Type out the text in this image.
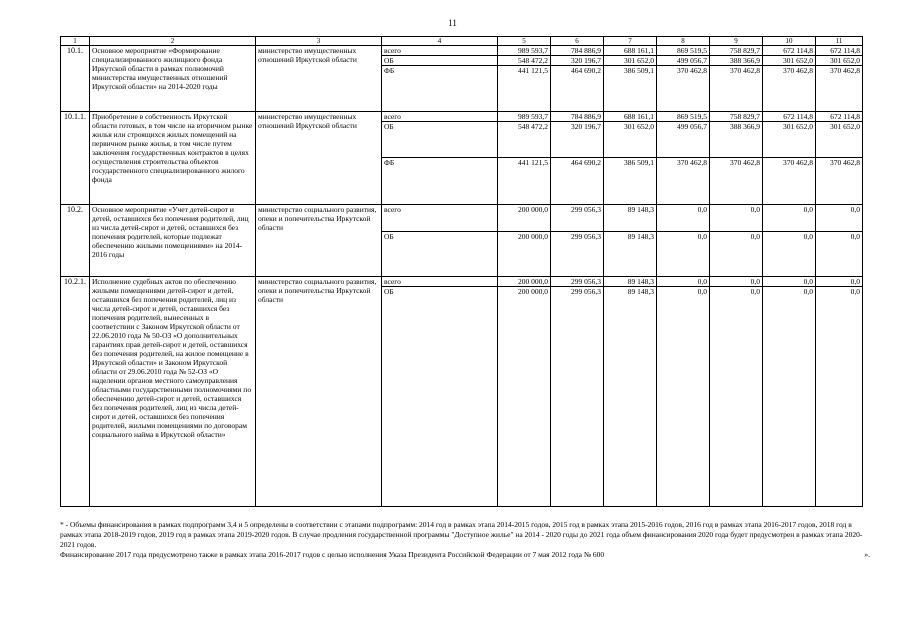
11
1	2	3	4	5	6	7	8	9	10	11
10.1.	Основное мероприятие «Формирование специализированного жилищного фонда Иркутской области в рамках полномочий министерства имущественных отношений Иркутской области» на 2014-2020 годы	министерство имущественных отношений Иркутской области	всего	989 593,7	784 886,9	688 161,1	869 519,5	758 829,7	672 114,8	672 114,8
			ОБ	548 472,2	320 196,7	301 652,0	499 056,7	388 366,9	301 652,0	301 652,0
			ФБ	441 121,5	464 690,2	386 509,1	370 462,8	370 462,8	370 462,8	370 462,8
10.1.1.	Приобретение в собственность Иркутской области готовых, в том числе на вторичном рынке жилья или строящихся жилых помещений на первичном рынке жилья, в том числе путем заключения государственных контрактов в целях осуществления строительства объектов государственного специализированного жилого фонда	министерство имущественных отношений Иркутской области	всего	989 593,7	784 886,9	688 161,1	869 519,5	758 829,7	672 114,8	672 114,8
			ОБ	548 472,2	320 196,7	301 652,0	499 056,7	388 366,9	301 652,0	301 652,0
			ФБ	441 121,5	464 690,2	386 509,1	370 462,8	370 462,8	370 462,8	370 462,8
10.2.	Основное мероприятие «Учет детей-сирот и детей, оставшихся без попечения родителей, лиц из числа детей-сирот и детей, оставшихся без попечения родителей, которые подлежат обеспечению жилыми помещениями» на 2014-2016 годы	министерство социального развития, опеки и попечительства Иркутской области	всего	200 000,0	299 056,3	89 148,3	0,0	0,0	0,0	0,0
			ОБ	200 000,0	299 056,3	89 148,3	0,0	0,0	0,0	0,0
10.2.1.	Исполнение судебных актов по обеспечению жилыми помещениями детей-сирот и детей, оставшихся без попечения родителей, лиц из числа детей-сирот и детей, оставшихся без попечения родителей, вынесенных в соответствии с Законом Иркутской области от 22.06.2010 года № 50-ОЗ «О дополнительных гарантиях прав детей-сирот и детей, оставшихся без попечения родителей, на жилое помещение в Иркутской области» и Законом Иркутской области от 29.06.2010 года № 52-ОЗ «О наделении органов местного самоуправления областными государственными полномочиями по обеспечению детей-сирот и детей, оставшихся без попечения родителей, лиц из числа детей-сирот и детей, оставшихся без попечения родителей, жилыми помещениями по договорам социального найма в Иркутской области»	министерство социального развития, опеки и попечительства Иркутской области	всего	200 000,0	299 056,3	89 148,3	0,0	0,0	0,0	0,0
			ОБ	200 000,0	299 056,3	89 148,3	0,0	0,0	0,0	0,0

* - Объемы финансирования в рамках подпрограмм 3,4 и 5 определены в соответствии с этапами подпрограмм: 2014 год в рамках этапа 2014-2015 годов, 2015 год в рамках этапа 2015-2016 годов, 2016 год в рамках этапа 2016-2017 годов, 2018 год в рамках этапа 2018-2019 годов, 2019 год в рамках этапа 2019-2020 годов. В случае продления государственной программы "Доступное жилье" на 2014 - 2020 годы до 2021 года объем финансирования 2020 года будет предусмотрен в рамках этапа 2020-2021 годов.

Финансирование 2017 года предусмотрено также в рамках этапа 2016-2017 годов с целью исполнения Указа Президента Российской Федерации от 7 мая 2012 года № 600	».
